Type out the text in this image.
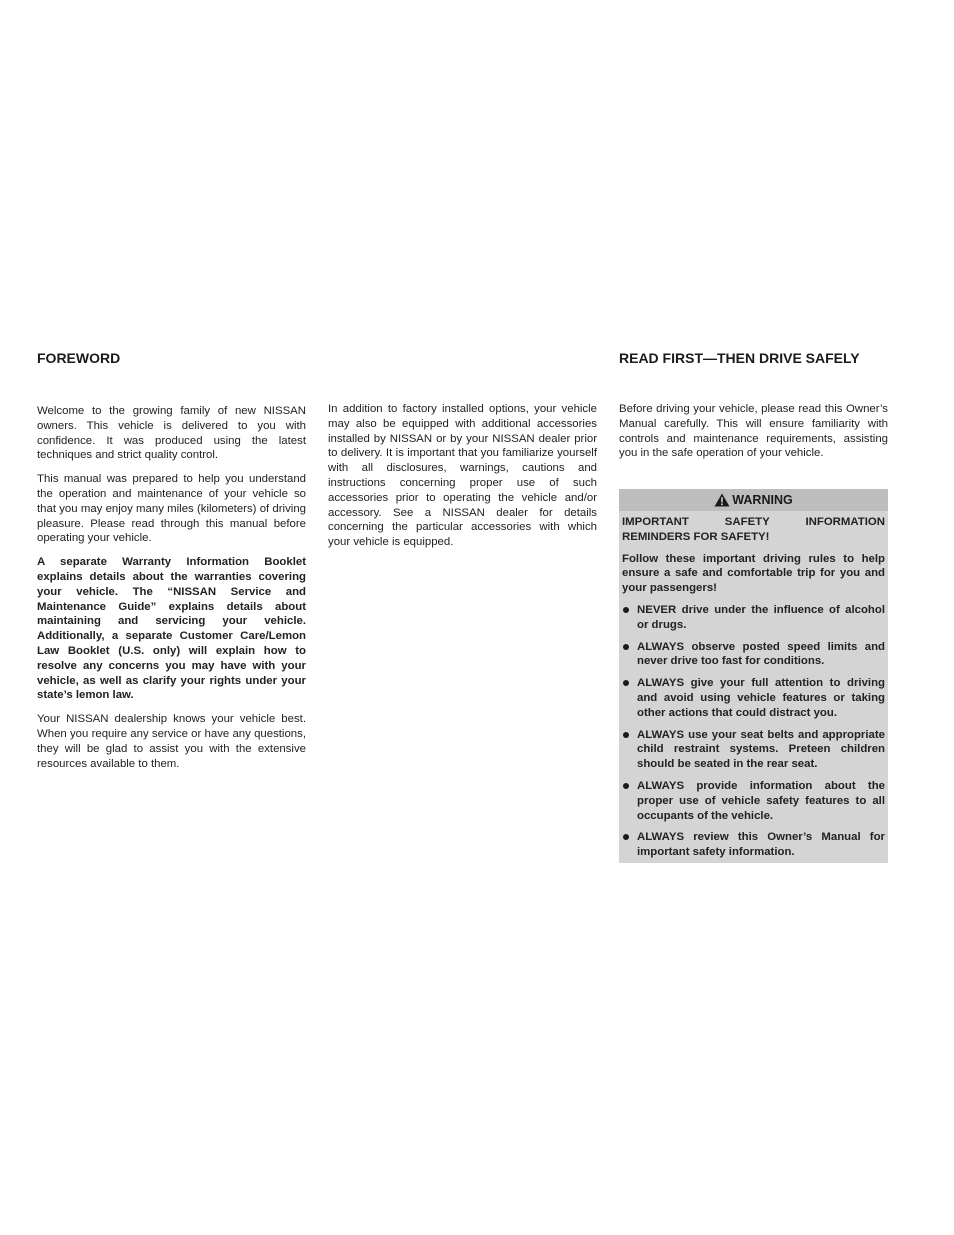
FOREWORD	READ FIRST—THEN DRIVE SAFELY

Welcome to the growing family of new NISSAN owners. This vehicle is delivered to you with confidence. It was produced using the latest techniques and strict quality control.

This manual was prepared to help you understand the operation and maintenance of your vehicle so that you may enjoy many miles (kilometers) of driving pleasure. Please read through this manual before operating your vehicle.

A separate Warranty Information Booklet explains details about the warranties covering your vehicle. The “NISSAN Service and Maintenance Guide” explains details about maintaining and servicing your vehicle. Additionally, a separate Customer Care/Lemon Law Booklet (U.S. only) will explain how to resolve any concerns you may have with your vehicle, as well as clarify your rights under your state’s lemon law.

Your NISSAN dealership knows your vehicle best. When you require any service or have any questions, they will be glad to assist you with the extensive resources available to them.

In addition to factory installed options, your vehicle may also be equipped with additional accessories installed by NISSAN or by your NISSAN dealer prior to delivery. It is important that you familiarize yourself with all disclosures, warnings, cautions and instructions concerning proper use of such accessories prior to operating the vehicle and/or accessory. See a NISSAN dealer for details concerning the particular accessories with which your vehicle is equipped.

Before driving your vehicle, please read this Owner’s Manual carefully. This will ensure familiarity with controls and maintenance requirements, assisting you in the safe operation of your vehicle.

WARNING

IMPORTANT SAFETY INFORMATION REMINDERS FOR SAFETY!

Follow these important driving rules to help ensure a safe and comfortable trip for you and your passengers!

NEVER drive under the influence of alcohol or drugs.
ALWAYS observe posted speed limits and never drive too fast for conditions.
ALWAYS give your full attention to driving and avoid using vehicle features or taking other actions that could distract you.
ALWAYS use your seat belts and appropriate child restraint systems. Preteen children should be seated in the rear seat.
ALWAYS provide information about the proper use of vehicle safety features to all occupants of the vehicle.
ALWAYS review this Owner’s Manual for important safety information.
